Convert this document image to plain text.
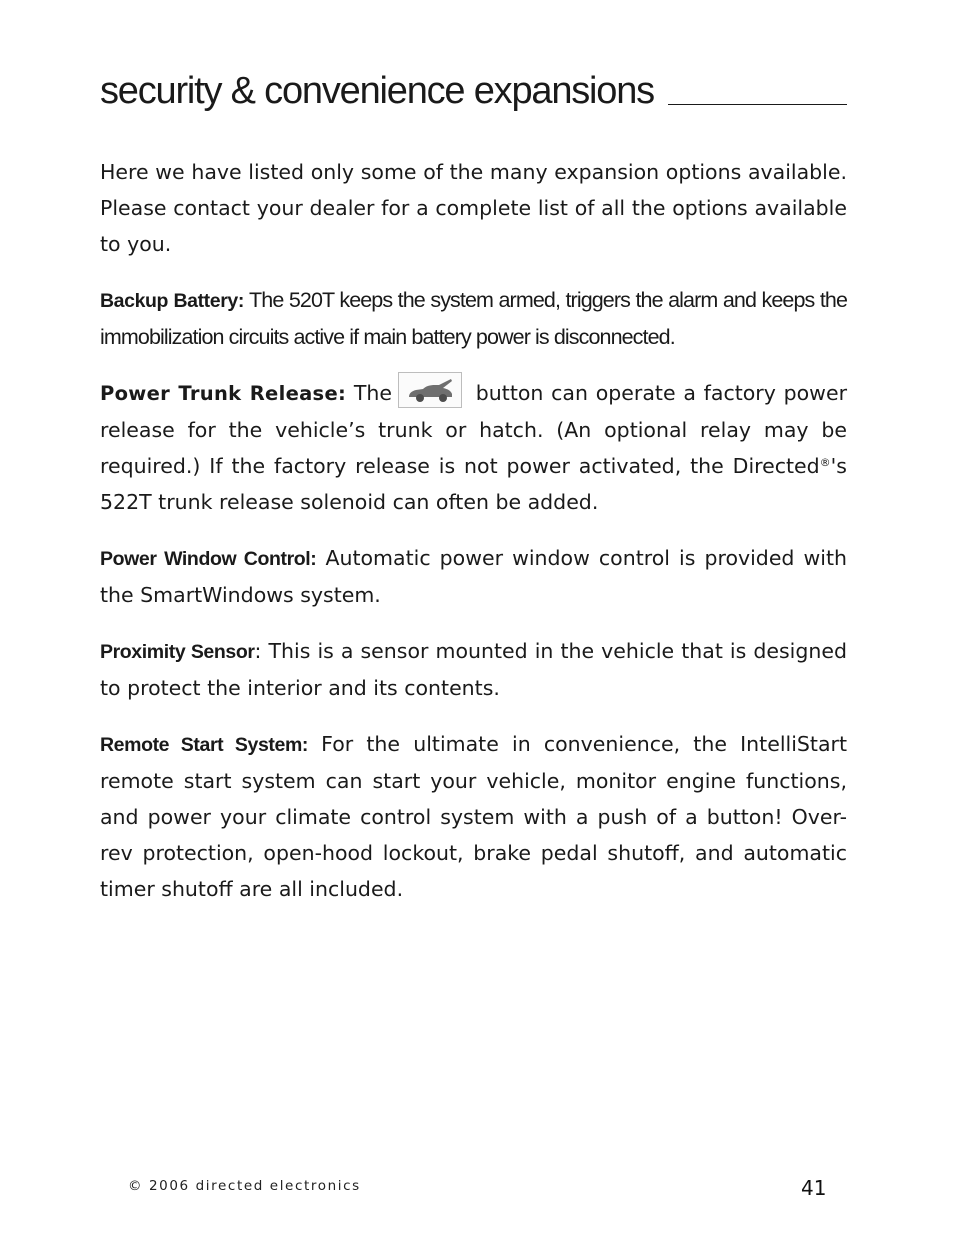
security & convenience expansions

Here we have listed only some of the many expansion options available. Please contact your dealer for a complete list of all the options available to you.

Backup Battery: The 520T keeps the system armed, triggers the alarm and keeps the immobilization circuits active if main battery power is disconnected.

Power Trunk Release: The	button can operate a factory power release for the vehicle’s trunk or hatch. (An optional relay may be required.) If the factory release is not power activated, the Directed®'s 522T trunk release solenoid can often be added.

Power Window Control: Automatic power window control is provided with the SmartWindows system.

Proximity Sensor: This is a sensor mounted in the vehicle that is designed to protect the interior and its contents.

Remote Start System: For the ultimate in convenience, the IntelliStart remote start system can start your vehicle, monitor engine functions, and power your climate control system with a push of a button! Over-rev protection, open-hood lockout, brake pedal shutoff, and automatic timer shutoff are all included.

© 2006 directed electronics	41
